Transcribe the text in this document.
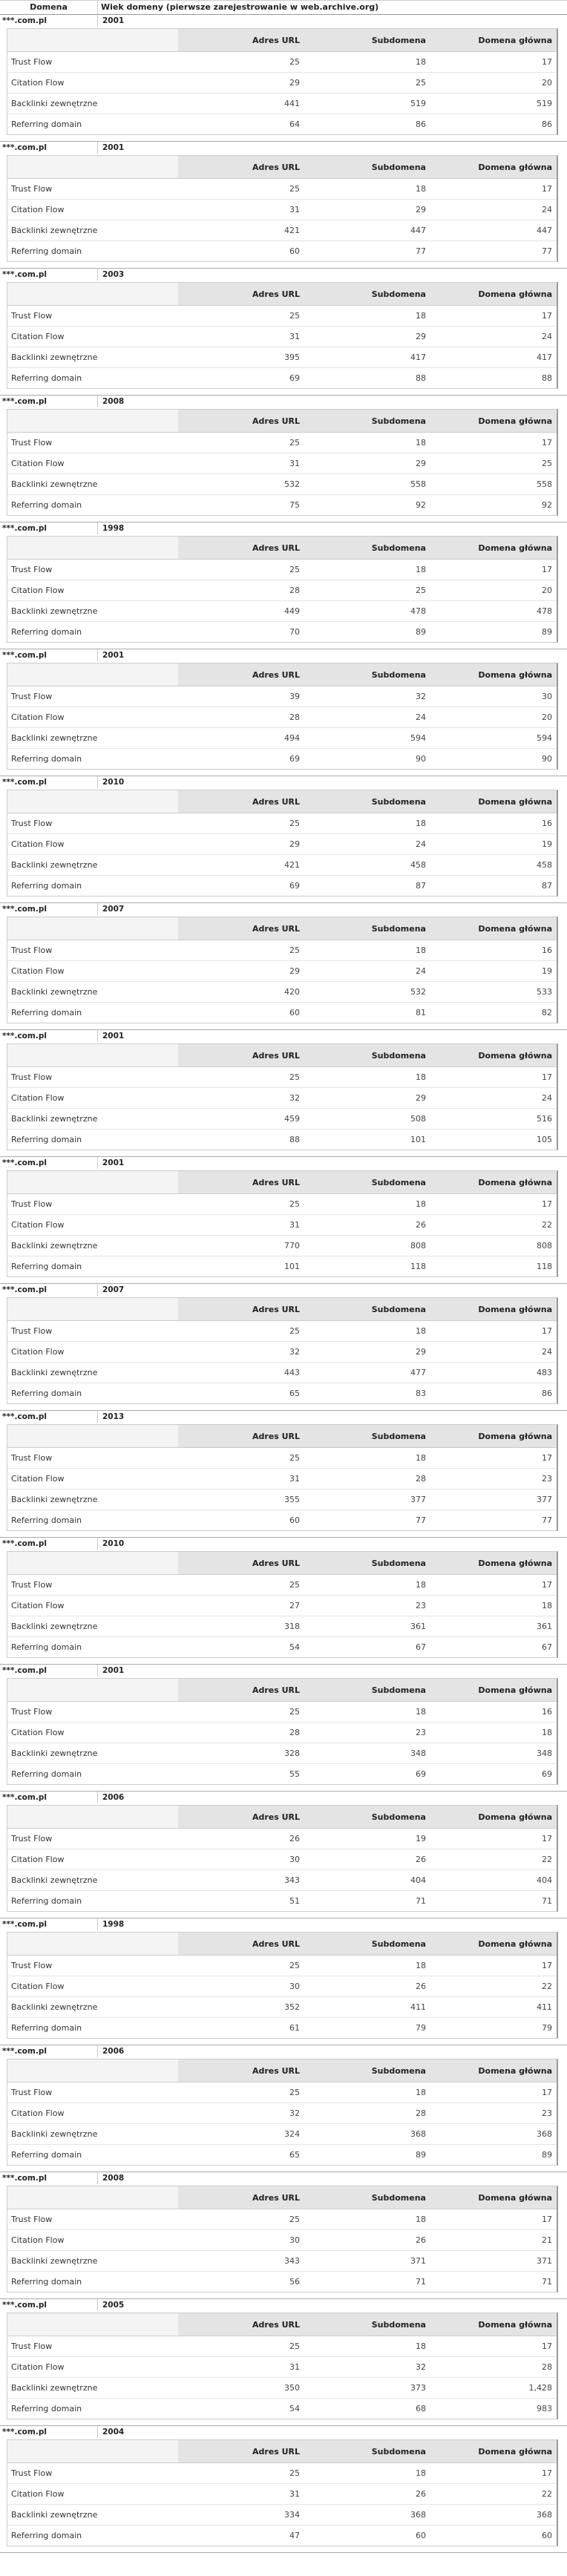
Domena	Wiek domeny (pierwsze zarejestrowanie w web.archive.org)
***.com.pl	2001
	Adres URL	Subdomena	Domena główna
Trust Flow	25	18	17
Citation Flow	29	25	20
Backlinki zewnętrzne	441	519	519
Referring domain	64	86	86
***.com.pl	2001
	Adres URL	Subdomena	Domena główna
Trust Flow	25	18	17
Citation Flow	31	29	24
Backlinki zewnętrzne	421	447	447
Referring domain	60	77	77
***.com.pl	2003
	Adres URL	Subdomena	Domena główna
Trust Flow	25	18	17
Citation Flow	31	29	24
Backlinki zewnętrzne	395	417	417
Referring domain	69	88	88
***.com.pl	2008
	Adres URL	Subdomena	Domena główna
Trust Flow	25	18	17
Citation Flow	31	29	25
Backlinki zewnętrzne	532	558	558
Referring domain	75	92	92
***.com.pl	1998
	Adres URL	Subdomena	Domena główna
Trust Flow	25	18	17
Citation Flow	28	25	20
Backlinki zewnętrzne	449	478	478
Referring domain	70	89	89
***.com.pl	2001
	Adres URL	Subdomena	Domena główna
Trust Flow	39	32	30
Citation Flow	28	24	20
Backlinki zewnętrzne	494	594	594
Referring domain	69	90	90
***.com.pl	2010
	Adres URL	Subdomena	Domena główna
Trust Flow	25	18	16
Citation Flow	29	24	19
Backlinki zewnętrzne	421	458	458
Referring domain	69	87	87
***.com.pl	2007
	Adres URL	Subdomena	Domena główna
Trust Flow	25	18	16
Citation Flow	29	24	19
Backlinki zewnętrzne	420	532	533
Referring domain	60	81	82
***.com.pl	2001
	Adres URL	Subdomena	Domena główna
Trust Flow	25	18	17
Citation Flow	32	29	24
Backlinki zewnętrzne	459	508	516
Referring domain	88	101	105
***.com.pl	2001
	Adres URL	Subdomena	Domena główna
Trust Flow	25	18	17
Citation Flow	31	26	22
Backlinki zewnętrzne	770	808	808
Referring domain	101	118	118
***.com.pl	2007
	Adres URL	Subdomena	Domena główna
Trust Flow	25	18	17
Citation Flow	32	29	24
Backlinki zewnętrzne	443	477	483
Referring domain	65	83	86
***.com.pl	2013
	Adres URL	Subdomena	Domena główna
Trust Flow	25	18	17
Citation Flow	31	28	23
Backlinki zewnętrzne	355	377	377
Referring domain	60	77	77
***.com.pl	2010
	Adres URL	Subdomena	Domena główna
Trust Flow	25	18	17
Citation Flow	27	23	18
Backlinki zewnętrzne	318	361	361
Referring domain	54	67	67
***.com.pl	2001
	Adres URL	Subdomena	Domena główna
Trust Flow	25	18	16
Citation Flow	28	23	18
Backlinki zewnętrzne	328	348	348
Referring domain	55	69	69
***.com.pl	2006
	Adres URL	Subdomena	Domena główna
Trust Flow	26	19	17
Citation Flow	30	26	22
Backlinki zewnętrzne	343	404	404
Referring domain	51	71	71
***.com.pl	1998
	Adres URL	Subdomena	Domena główna
Trust Flow	25	18	17
Citation Flow	30	26	22
Backlinki zewnętrzne	352	411	411
Referring domain	61	79	79
***.com.pl	2006
	Adres URL	Subdomena	Domena główna
Trust Flow	25	18	17
Citation Flow	32	28	23
Backlinki zewnętrzne	324	368	368
Referring domain	65	89	89
***.com.pl	2008
	Adres URL	Subdomena	Domena główna
Trust Flow	25	18	17
Citation Flow	30	26	21
Backlinki zewnętrzne	343	371	371
Referring domain	56	71	71
***.com.pl	2005
	Adres URL	Subdomena	Domena główna
Trust Flow	25	18	17
Citation Flow	31	32	28
Backlinki zewnętrzne	350	373	1,428
Referring domain	54	68	983
***.com.pl	2004
	Adres URL	Subdomena	Domena główna
Trust Flow	25	18	17
Citation Flow	31	26	22
Backlinki zewnętrzne	334	368	368
Referring domain	47	60	60
